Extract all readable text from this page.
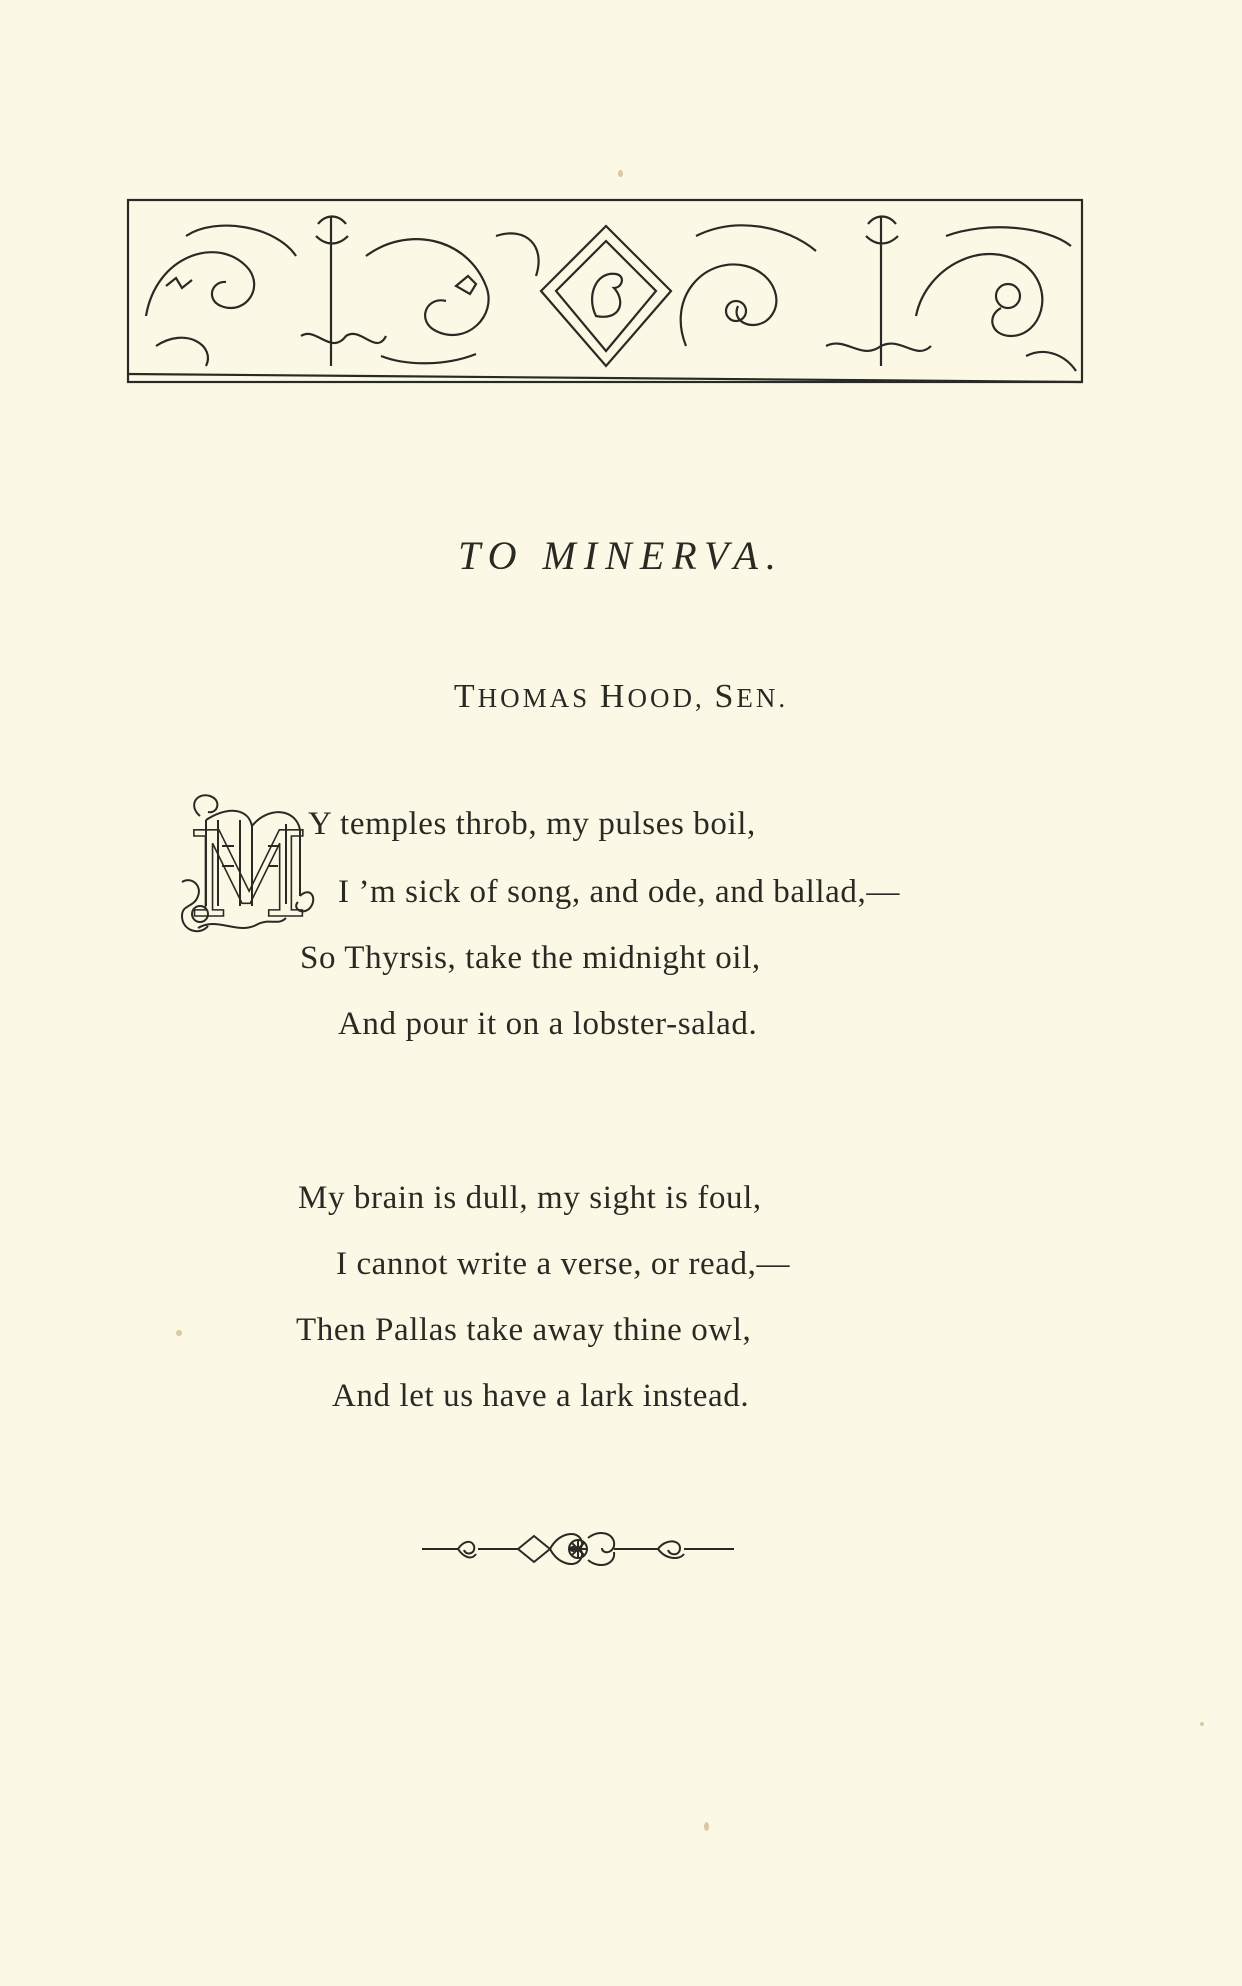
TO MINERVA.
THOMAS HOOD, SEN.
M Y temples throb, my pulses boil,
I ’m sick of song, and ode, and ballad,—
So Thyrsis, take the midnight oil,
And pour it on a lobster-salad.
My brain is dull, my sight is foul,
I cannot write a verse, or read,—
Then Pallas take away thine owl,
And let us have a lark instead.
